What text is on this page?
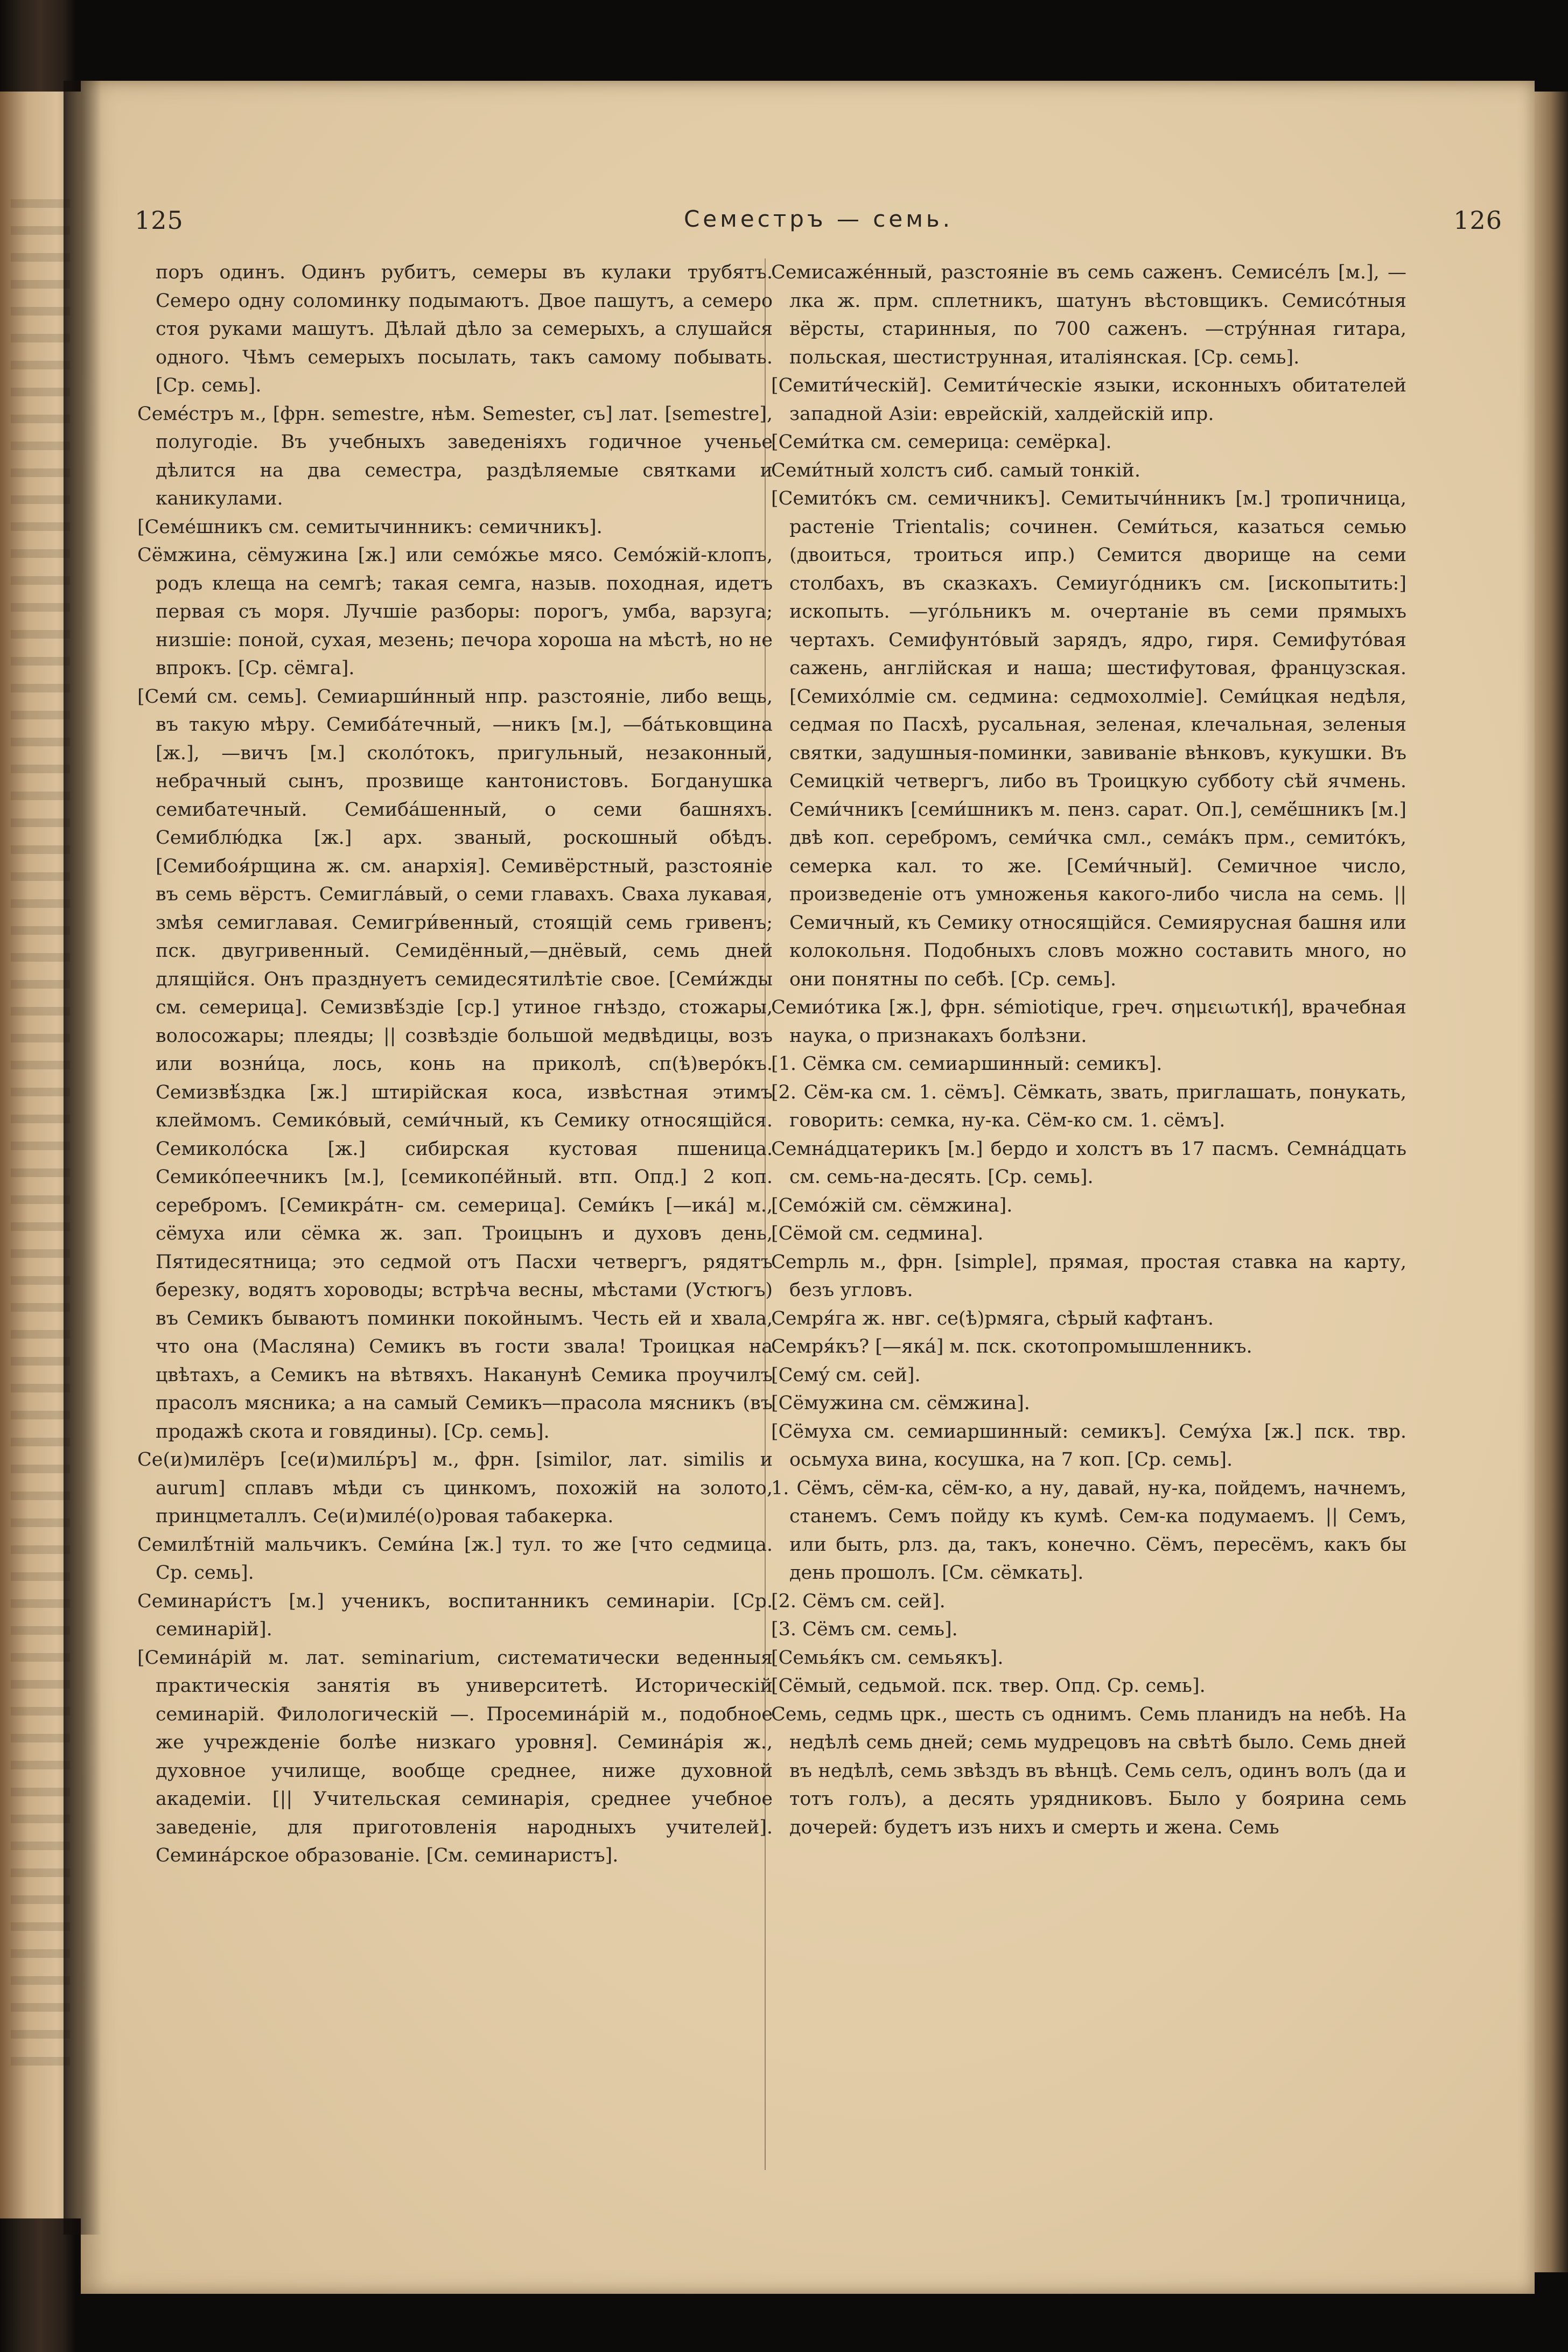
125	Семестръ — семь.	126

поръ одинъ. Одинъ рубитъ, семеры въ кулаки трубятъ. Семеро одну соломинку подымаютъ. Двое пашутъ, а семеро стоя руками машутъ. Дѣлай дѣло за семерыхъ, а слушайся одного. Чѣмъ семерыхъ посылать, такъ самому побывать. [Ср. семь].

Семе́стръ м., [фрн. semestre, нѣм. Semester, съ] лат. [semestre], полугодіе. Въ учебныхъ заведеніяхъ годичное ученье дѣлится на два семестра, раздѣляемые святками и каникулами.

[Семе́шникъ см. семитычинникъ: семичникъ].

Сёмжина, сёмужина [ж.] или семо́жье мясо. Семо́жій-клопъ, родъ клеща на семгѣ; такая семга, назыв. походная, идетъ первая съ моря. Лучшіе разборы: порогъ, умба, варзуга; низшіе: поной, сухая, мезень; печора хороша на мѣстѣ, но не впрокъ. [Ср. сёмга].

[Семи́ см. семь]. Семиарши́нный нпр. разстояніе, либо вещь, въ такую мѣру. Семиба́течный, —никъ [м.], —ба́тьковщина [ж.], —вичъ [м.] сколо́токъ, пригульный, незаконный, небрачный сынъ, прозвище кантонистовъ. Богданушка семибатечный. Семиба́шенный, о семи башняхъ. Семиблю́дка [ж.] арх. званый, роскошный обѣдъ. [Семибоя́рщина ж. см. анархія]. Семивёрстный, разстояніе въ семь вёрстъ. Семигла́вый, о семи главахъ. Сваха лукавая, змѣя семиглавая. Семигри́венный, стоящій семь гривенъ; пск. двугривенный. Семидённый,—днёвый, семь дней длящійся. Онъ празднуетъ семидесятилѣтіе свое. [Семи́жды см. семерица]. Семизвѣ́здіе [ср.] утиное гнѣздо, стожары, волосожары; плеяды; || созвѣздіе большой медвѣдицы, возъ или возни́ца, лось, конь на приколѣ, сп(ѣ)веро́къ. Семизвѣ́здка [ж.] штирійская коса, извѣстная этимъ клеймомъ. Семико́вый, семи́чный, къ Семику относящійся. Семиколо́ска [ж.] сибирская кустовая пшеница. Семико́пеечникъ [м.], [семикопе́йный. втп. Опд.] 2 коп. серебромъ. [Семикра́тн- см. семерица]. Семи́къ [—ика́] м., сёмуха или сёмка ж. зап. Троицынъ и духовъ день, Пятидесятница; это седмой отъ Пасхи четвергъ, рядятъ березку, водятъ хороводы; встрѣча весны, мѣстами (Устюгъ) въ Семикъ бываютъ поминки покойнымъ. Честь ей и хвала, что она (Масляна) Семикъ въ гости звала! Троицкая на цвѣтахъ, а Семикъ на вѣтвяхъ. Наканунѣ Семика проучилъ прасолъ мясника; а на самый Семикъ—прасола мясникъ (въ продажѣ скота и говядины). [Ср. семь].

Се(и)милёръ [се(и)миль́ръ] м., фрн. [similor, лат. similis и aurum] сплавъ мѣди съ цинкомъ, похожій на золото, принцметаллъ. Се(и)миле́(о)ровая табакерка.

Семилѣ́тній мальчикъ. Семи́на [ж.] тул. то же [что седмица. Ср. семь].

Семинари́стъ [м.] ученикъ, воспитанникъ семинаріи. [Ср. семинарій].

[Семина́рій м. лат. seminarium, систематически веденныя практическія занятія въ университетѣ. Историческій семинарій. Филологическій —. Просемина́рій м., подобное же учрежденіе болѣе низкаго уровня]. Семина́рія ж., духовное училище, вообще среднее, ниже духовной академіи. [|| Учительская семинарія, среднее учебное заведеніе, для приготовленія народныхъ учителей]. Семина́рское образованіе. [См. семинаристъ].

Семисаже́нный, разстояніе въ семь саженъ. Семисе́лъ [м.], —лка ж. прм. сплетникъ, шатунъ вѣстовщикъ. Семисо́тныя вёрсты, старинныя, по 700 саженъ. —стру́нная гитара, польская, шестиструнная, италіянская. [Ср. семь].

[Семити́ческій]. Семити́ческіе языки, исконныхъ обитателей западной Азіи: еврейскій, халдейскій ипр.

[Семи́тка см. семерица: семёрка].

Семи́тный холстъ сиб. самый тонкій.

[Семито́къ см. семичникъ]. Семитычи́нникъ [м.] тропичница, растеніе Trientalis; сочинен. Семи́ться, казаться семью (двоиться, троиться ипр.) Семится дворище на семи столбахъ, въ сказкахъ. Семиуго́дникъ см. [ископытить:] ископыть. —уго́льникъ м. очертаніе въ семи прямыхъ чертахъ. Семифунто́вый зарядъ, ядро, гиря. Семифуто́вая сажень, англійская и наша; шестифутовая, французская. [Семихо́лміе см. седмина: седмохолміе]. Семи́цкая недѣля, седмая по Пасхѣ, русальная, зеленая, клечальная, зеленыя святки, задушныя-поминки, завиваніе вѣнковъ, кукушки. Въ Семицкій четвергъ, либо въ Троицкую субботу сѣй ячмень. Семи́чникъ [семи́шникъ м. пенз. сарат. Оп.], семё́шникъ [м.] двѣ коп. серебромъ, семи́чка смл., сема́къ прм., семито́къ, семерка кал. то же. [Семи́чный]. Семичное число, произведеніе отъ умноженья какого-либо числа на семь. || Семичный, къ Семику относящійся. Семиярусная башня или колокольня. Подобныхъ словъ можно составить много, но они понятны по себѣ. [Ср. семь].

Семио́тика [ж.], фрн. sémiotique, греч. σημειωτική], врачебная наука, о признакахъ болѣзни.

[1. Сёмка см. семиаршинный: семикъ].

[2. Сём-ка см. 1. сёмъ]. Сёмкать, звать, приглашать, понукать, говорить: семка, ну-ка. Сём-ко см. 1. сёмъ].

Семна́дцатерикъ [м.] бердо и холстъ въ 17 пасмъ. Семна́дцать см. семь-на-десять. [Ср. семь].

[Семо́жій см. сёмжина].

[Сёмой см. седмина].

Сempль м., фрн. [simple], прямая, простая ставка на карту, безъ угловъ.

Семря́га ж. нвг. се(ѣ)рмяга, сѣрый кафтанъ.

Семря́къ? [—яка́] м. пск. скотопромышленникъ.

[Сему́ см. сей].

[Сёмужина см. сёмжина].

[Сёмуха см. семиаршинный: семикъ]. Сему́ха [ж.] пск. твр. осьмуха вина, косушка, на 7 коп. [Ср. семь].

1. Сёмъ, сём-ка, сём-ко, а ну, давай, ну-ка, пойдемъ, начнемъ, станемъ. Семъ пойду къ кумѣ. Сем-ка подумаемъ. || Семъ, или быть, рлз. да, такъ, конечно. Сёмъ, пересёмъ, какъ бы день прошолъ. [См. сёмкать].

[2. Сёмъ см. сей].

[3. Сёмъ см. семь].

[Семья́къ см. семьякъ].

[Сёмый, седьмой. пск. твер. Опд. Ср. семь].

Семь, седмь црк., шесть съ однимъ. Семь планидъ на небѣ. На недѣлѣ семь дней; семь мудрецовъ на свѣтѣ было. Семь дней въ недѣлѣ, семь звѣздъ въ вѣнцѣ. Семь селъ, одинъ волъ (да и тотъ голъ), а десять урядниковъ. Было у боярина семь дочерей: будетъ изъ нихъ и смерть и жена. Семь
